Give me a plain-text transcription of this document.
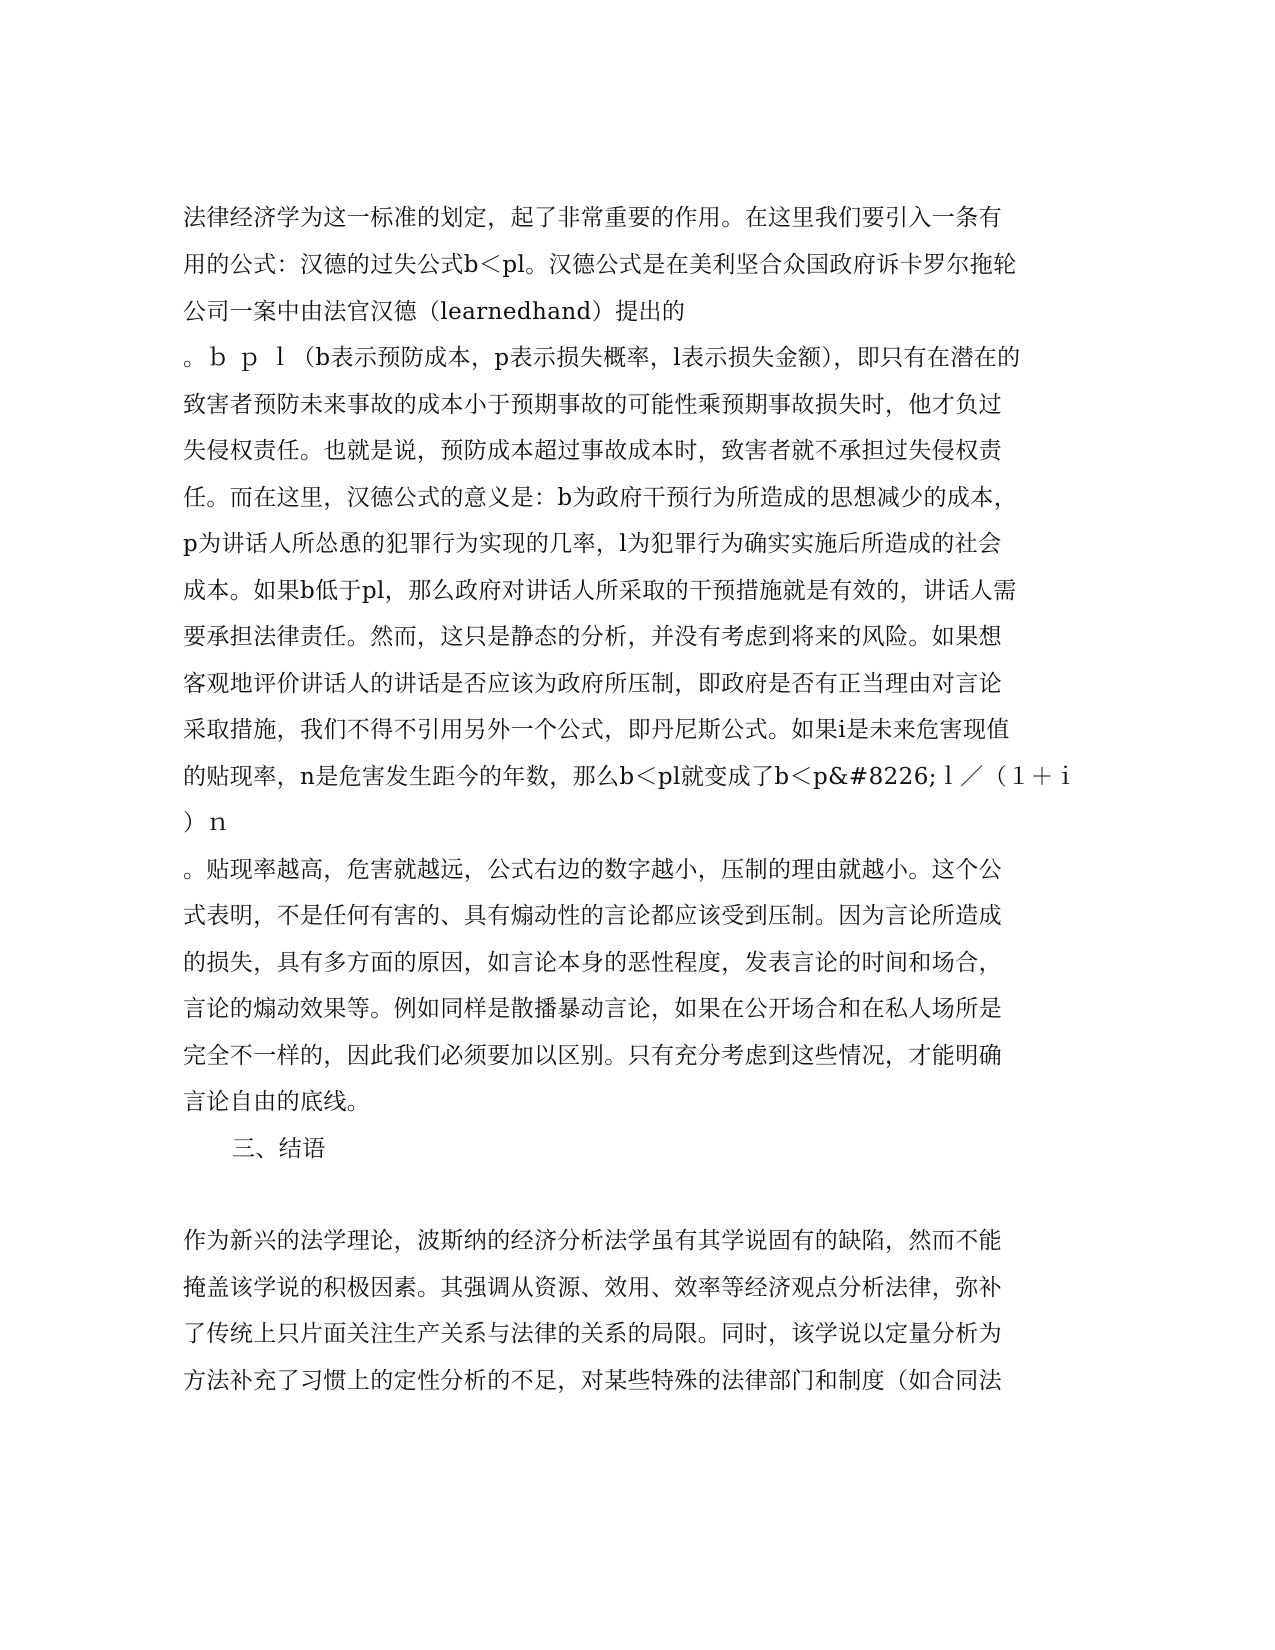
法律经济学为这一标准的划定，起了非常重要的作用。在这里我们要引入一条有
用的公式：汉德的过失公式b＜pl。汉德公式是在美利坚合众国政府诉卡罗尔拖轮
公司一案中由法官汉德（learnedhand）提出的
。ｂ ｐ ｌ（b表示预防成本，p表示损失概率，l表示损失金额），即只有在潜在的
致害者预防未来事故的成本小于预期事故的可能性乘预期事故损失时，他才负过
失侵权责任。也就是说，预防成本超过事故成本时，致害者就不承担过失侵权责
任。而在这里，汉德公式的意义是：b为政府干预行为所造成的思想减少的成本，
p为讲话人所怂恿的犯罪行为实现的几率，l为犯罪行为确实实施后所造成的社会
成本。如果b低于pl，那么政府对讲话人所采取的干预措施就是有效的，讲话人需
要承担法律责任。然而，这只是静态的分析，并没有考虑到将来的风险。如果想
客观地评价讲话人的讲话是否应该为政府所压制，即政府是否有正当理由对言论
采取措施，我们不得不引用另外一个公式，即丹尼斯公式。如果i是未来危害现值
的贴现率，n是危害发生距今的年数，那么b＜pl就变成了b＜p&#8226;ｌ／（１＋ｉ
）ｎ
。贴现率越高，危害就越远，公式右边的数字越小，压制的理由就越小。这个公
式表明，不是任何有害的、具有煽动性的言论都应该受到压制。因为言论所造成
的损失，具有多方面的原因，如言论本身的恶性程度，发表言论的时间和场合，
言论的煽动效果等。例如同样是散播暴动言论，如果在公开场合和在私人场所是
完全不一样的，因此我们必须要加以区别。只有充分考虑到这些情况，才能明确
言论自由的底线。
三、结语
作为新兴的法学理论，波斯纳的经济分析法学虽有其学说固有的缺陷，然而不能
掩盖该学说的积极因素。其强调从资源、效用、效率等经济观点分析法律，弥补
了传统上只片面关注生产关系与法律的关系的局限。同时，该学说以定量分析为
方法补充了习惯上的定性分析的不足，对某些特殊的法律部门和制度（如合同法
